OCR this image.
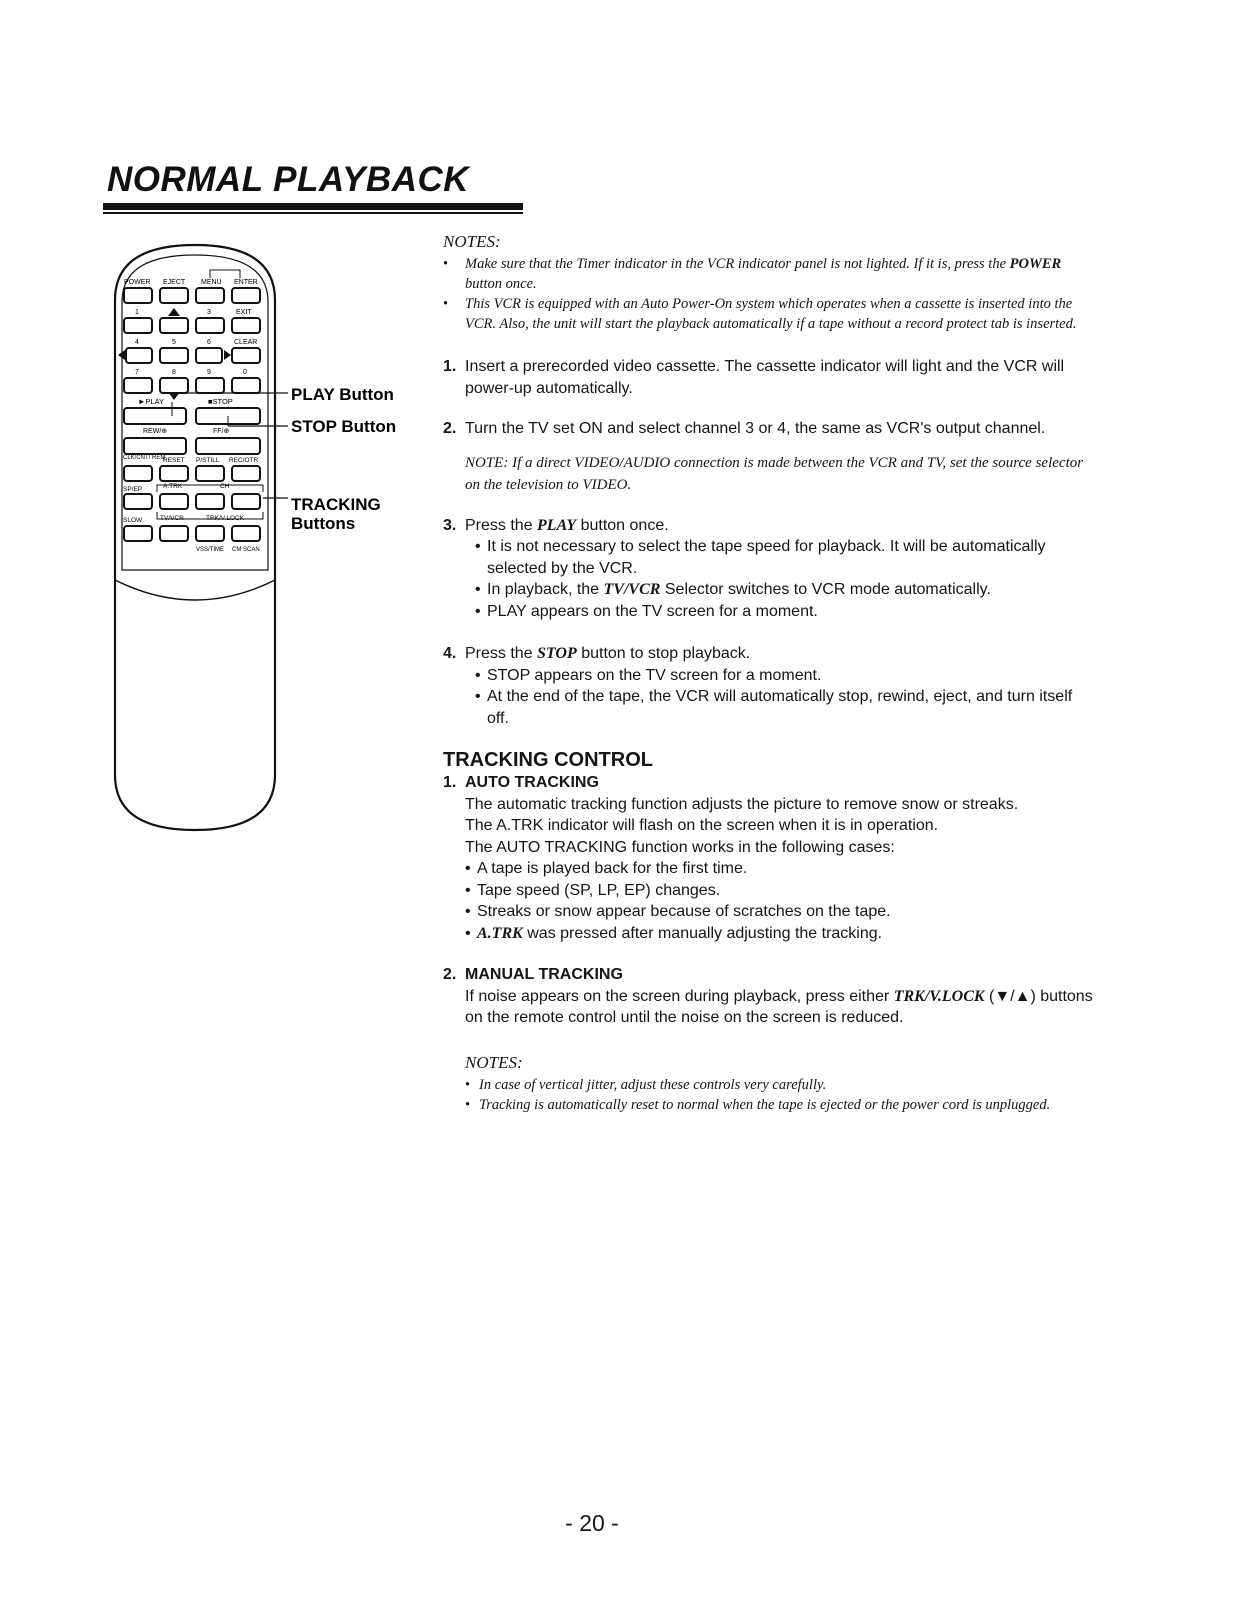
NORMAL PLAYBACK
POWER EJECT MENU ENTER
1	3	EXIT
4	5	6	CLEAR
7	8	9	0
►PLAY	■STOP
REW/⊕	FF/⊕
CLK/CNT/ REM
RESET P/STILL REC/OTR
SP/EP	A.TRK	CH
SLOW	TV/VCR	TRK/V.LOCK
VSS/TIME CM SCAN
PLAY Button
STOP Button
TRACKING
Buttons

NOTES:

• Make sure that the Timer indicator in the VCR indicator panel is not lighted. If it is, press the POWER button once.
• This VCR is equipped with an Auto Power-On system which operates when a cassette is inserted into the VCR. Also, the unit will start the playback automatically if a tape without a record protect tab is inserted.
1. Insert a prerecorded video cassette. The cassette indicator will light and the VCR will power-up automatically.
2. Turn the TV set ON and select channel 3 or 4, the same as VCR's output channel.
NOTE: If a direct VIDEO/AUDIO connection is made between the VCR and TV, set the source selector on the television to VIDEO.
3. Press the PLAY button once.
• It is not necessary to select the tape speed for playback. It will be automatically selected by the VCR.
• In playback, the TV/VCR Selector switches to VCR mode automatically.
• PLAY appears on the TV screen for a moment.
4. Press the STOP button to stop playback.
• STOP appears on the TV screen for a moment.
• At the end of the tape, the VCR will automatically stop, rewind, eject, and turn itself off.

TRACKING CONTROL

1. AUTO TRACKING
The automatic tracking function adjusts the picture to remove snow or streaks.
The A.TRK indicator will flash on the screen when it is in operation.
The AUTO TRACKING function works in the following cases:
• A tape is played back for the first time.
• Tape speed (SP, LP, EP) changes.
• Streaks or snow appear because of scratches on the tape.
• A.TRK was pressed after manually adjusting the tracking.
2. MANUAL TRACKING
If noise appears on the screen during playback, press either TRK/V.LOCK (▼/▲) buttons on the remote control until the noise on the screen is reduced.

NOTES:

• In case of vertical jitter, adjust these controls very carefully.
• Tracking is automatically reset to normal when the tape is ejected or the power cord is unplugged.
- 20 -
